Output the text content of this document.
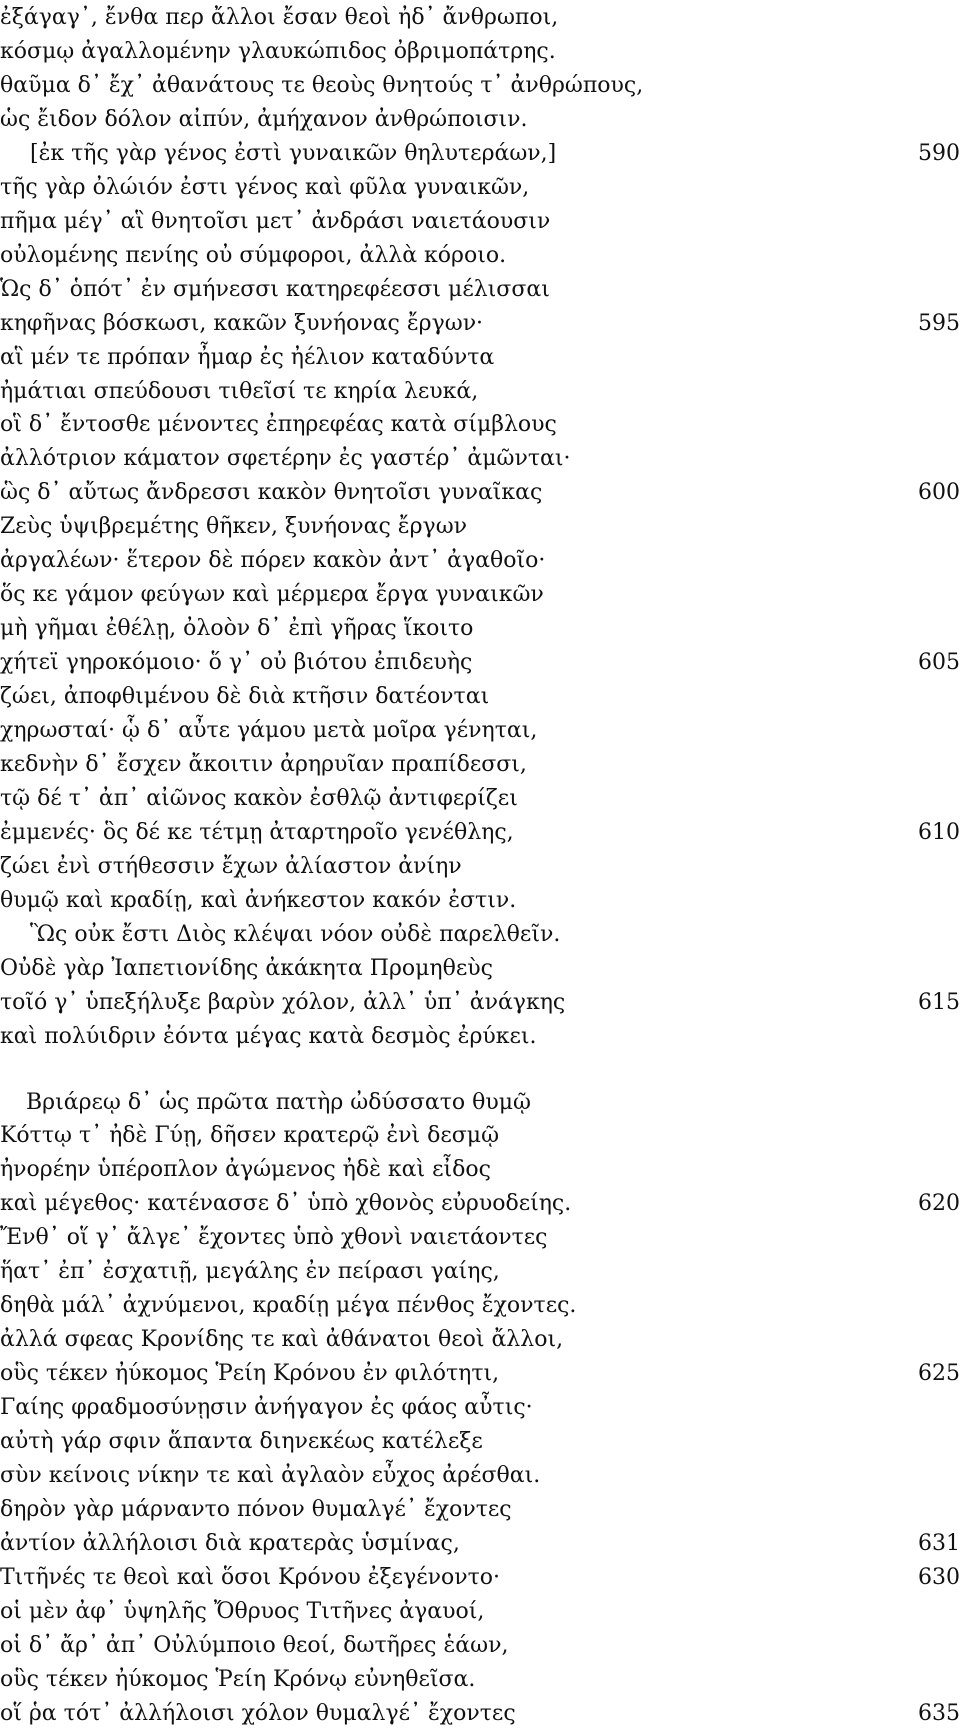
ἐξάγαγ᾽, ἔνθα περ ἄλλοι ἔσαν θεοὶ ἠδ᾽ ἄνθρωποι,
κόσμῳ ἀγαλλομένην γλαυκώπιδος ὀβριμοπάτρης.
θαῦμα δ᾽ ἔχ᾽ ἀθανάτους τε θεοὺς θνητούς τ᾽ ἀνθρώπους,
ὡς ἔιδον δόλον αἰπύν, ἀμήχανον ἀνθρώποισιν.
[ἐκ τῆς γὰρ γένος ἐστὶ γυναικῶν θηλυτεράων,]	590
τῆς γὰρ ὀλώιόν ἐστι γένος καὶ φῦλα γυναικῶν,
πῆμα μέγ᾽ αἳ θνητοῖσι μετ᾽ ἀνδράσι ναιετάουσιν
οὐλομένης πενίης οὐ σύμφοροι, ἀλλὰ κόροιο.
Ὡς δ᾽ ὁπότ᾽ ἐν σμήνεσσι κατηρεφέεσσι μέλισσαι
κηφῆνας βόσκωσι, κακῶν ξυνήονας ἔργων·	595
αἳ μέν τε πρόπαν ἦμαρ ἐς ἠέλιον καταδύντα
ἠμάτιαι σπεύδουσι τιθεῖσί τε κηρία λευκά,
οἳ δ᾽ ἔντοσθε μένοντες ἐπηρεφέας κατὰ σίμβλους
ἀλλότριον κάματον σφετέρην ἐς γαστέρ᾽ ἀμῶνται·
ὣς δ᾽ αὔτως ἄνδρεσσι κακὸν θνητοῖσι γυναῖκας	600
Ζεὺς ὑψιβρεμέτης θῆκεν, ξυνήονας ἔργων
ἀργαλέων· ἕτερον δὲ πόρεν κακὸν ἀντ᾽ ἀγαθοῖο·
ὅς κε γάμον φεύγων καὶ μέρμερα ἔργα γυναικῶν
μὴ γῆμαι ἐθέλῃ, ὀλοὸν δ᾽ ἐπὶ γῆρας ἵκοιτο
χήτεϊ γηροκόμοιο· ὅ γ᾽ οὐ βιότου ἐπιδευὴς	605
ζώει, ἀποφθιμένου δὲ διὰ κτῆσιν δατέονται
χηρωσταί· ᾧ δ᾽ αὖτε γάμου μετὰ μοῖρα γένηται,
κεδνὴν δ᾽ ἔσχεν ἄκοιτιν ἀρηρυῖαν πραπίδεσσι,
τῷ δέ τ᾽ ἀπ᾽ αἰῶνος κακὸν ἐσθλῷ ἀντιφερίζει
ἐμμενές· ὃς δέ κε τέτμῃ ἀταρτηροῖο γενέθλης,	610
ζώει ἐνὶ στήθεσσιν ἔχων ἀλίαστον ἀνίην
θυμῷ καὶ κραδίῃ, καὶ ἀνήκεστον κακόν ἐστιν.
Ὣς οὐκ ἔστι Διὸς κλέψαι νόον οὐδὲ παρελθεῖν.
Οὐδὲ γὰρ Ἰαπετιονίδης ἀκάκητα Προμηθεὺς
τοῖό γ᾽ ὑπεξήλυξε βαρὺν χόλον, ἀλλ᾽ ὑπ᾽ ἀνάγκης	615
καὶ πολύιδριν ἐόντα μέγας κατὰ δεσμὸς ἐρύκει.
Βριάρεῳ δ᾽ ὡς πρῶτα πατὴρ ὠδύσσατο θυμῷ
Κόττῳ τ᾽ ἠδὲ Γύῃ, δῆσεν κρατερῷ ἐνὶ δεσμῷ
ἠνορέην ὑπέροπλον ἀγώμενος ἠδὲ καὶ εἶδος
καὶ μέγεθος· κατένασσε δ᾽ ὑπὸ χθονὸς εὐρυοδείης.	620
Ἔνθ᾽ οἵ γ᾽ ἄλγε᾽ ἔχοντες ὑπὸ χθονὶ ναιετάοντες
ἥατ᾽ ἐπ᾽ ἐσχατιῇ, μεγάλης ἐν πείρασι γαίης,
δηθὰ μάλ᾽ ἀχνύμενοι, κραδίῃ μέγα πένθος ἔχοντες.
ἀλλά σφεας Κρονίδης τε καὶ ἀθάνατοι θεοὶ ἄλλοι,
οὓς τέκεν ἠύκομος Ῥείη Κρόνου ἐν φιλότητι,	625
Γαίης φραδμοσύνῃσιν ἀνήγαγον ἐς φάος αὖτις·
αὐτὴ γάρ σφιν ἅπαντα διηνεκέως κατέλεξε
σὺν κείνοις νίκην τε καὶ ἀγλαὸν εὖχος ἀρέσθαι.
δηρὸν γὰρ μάρναντο πόνον θυμαλγέ᾽ ἔχοντες
ἀντίον ἀλλήλοισι διὰ κρατερὰς ὑσμίνας,	631
Τιτῆνές τε θεοὶ καὶ ὅσοι Κρόνου ἐξεγένοντο·	630
οἱ μὲν ἀφ᾽ ὑψηλῆς Ὄθρυος Τιτῆνες ἀγαυοί,
οἱ δ᾽ ἄρ᾽ ἀπ᾽ Οὐλύμποιο θεοί, δωτῆρες ἑάων,
οὓς τέκεν ἠύκομος Ῥείη Κρόνῳ εὐνηθεῖσα.
οἵ ῥα τότ᾽ ἀλλήλοισι χόλον θυμαλγέ᾽ ἔχοντες	635
